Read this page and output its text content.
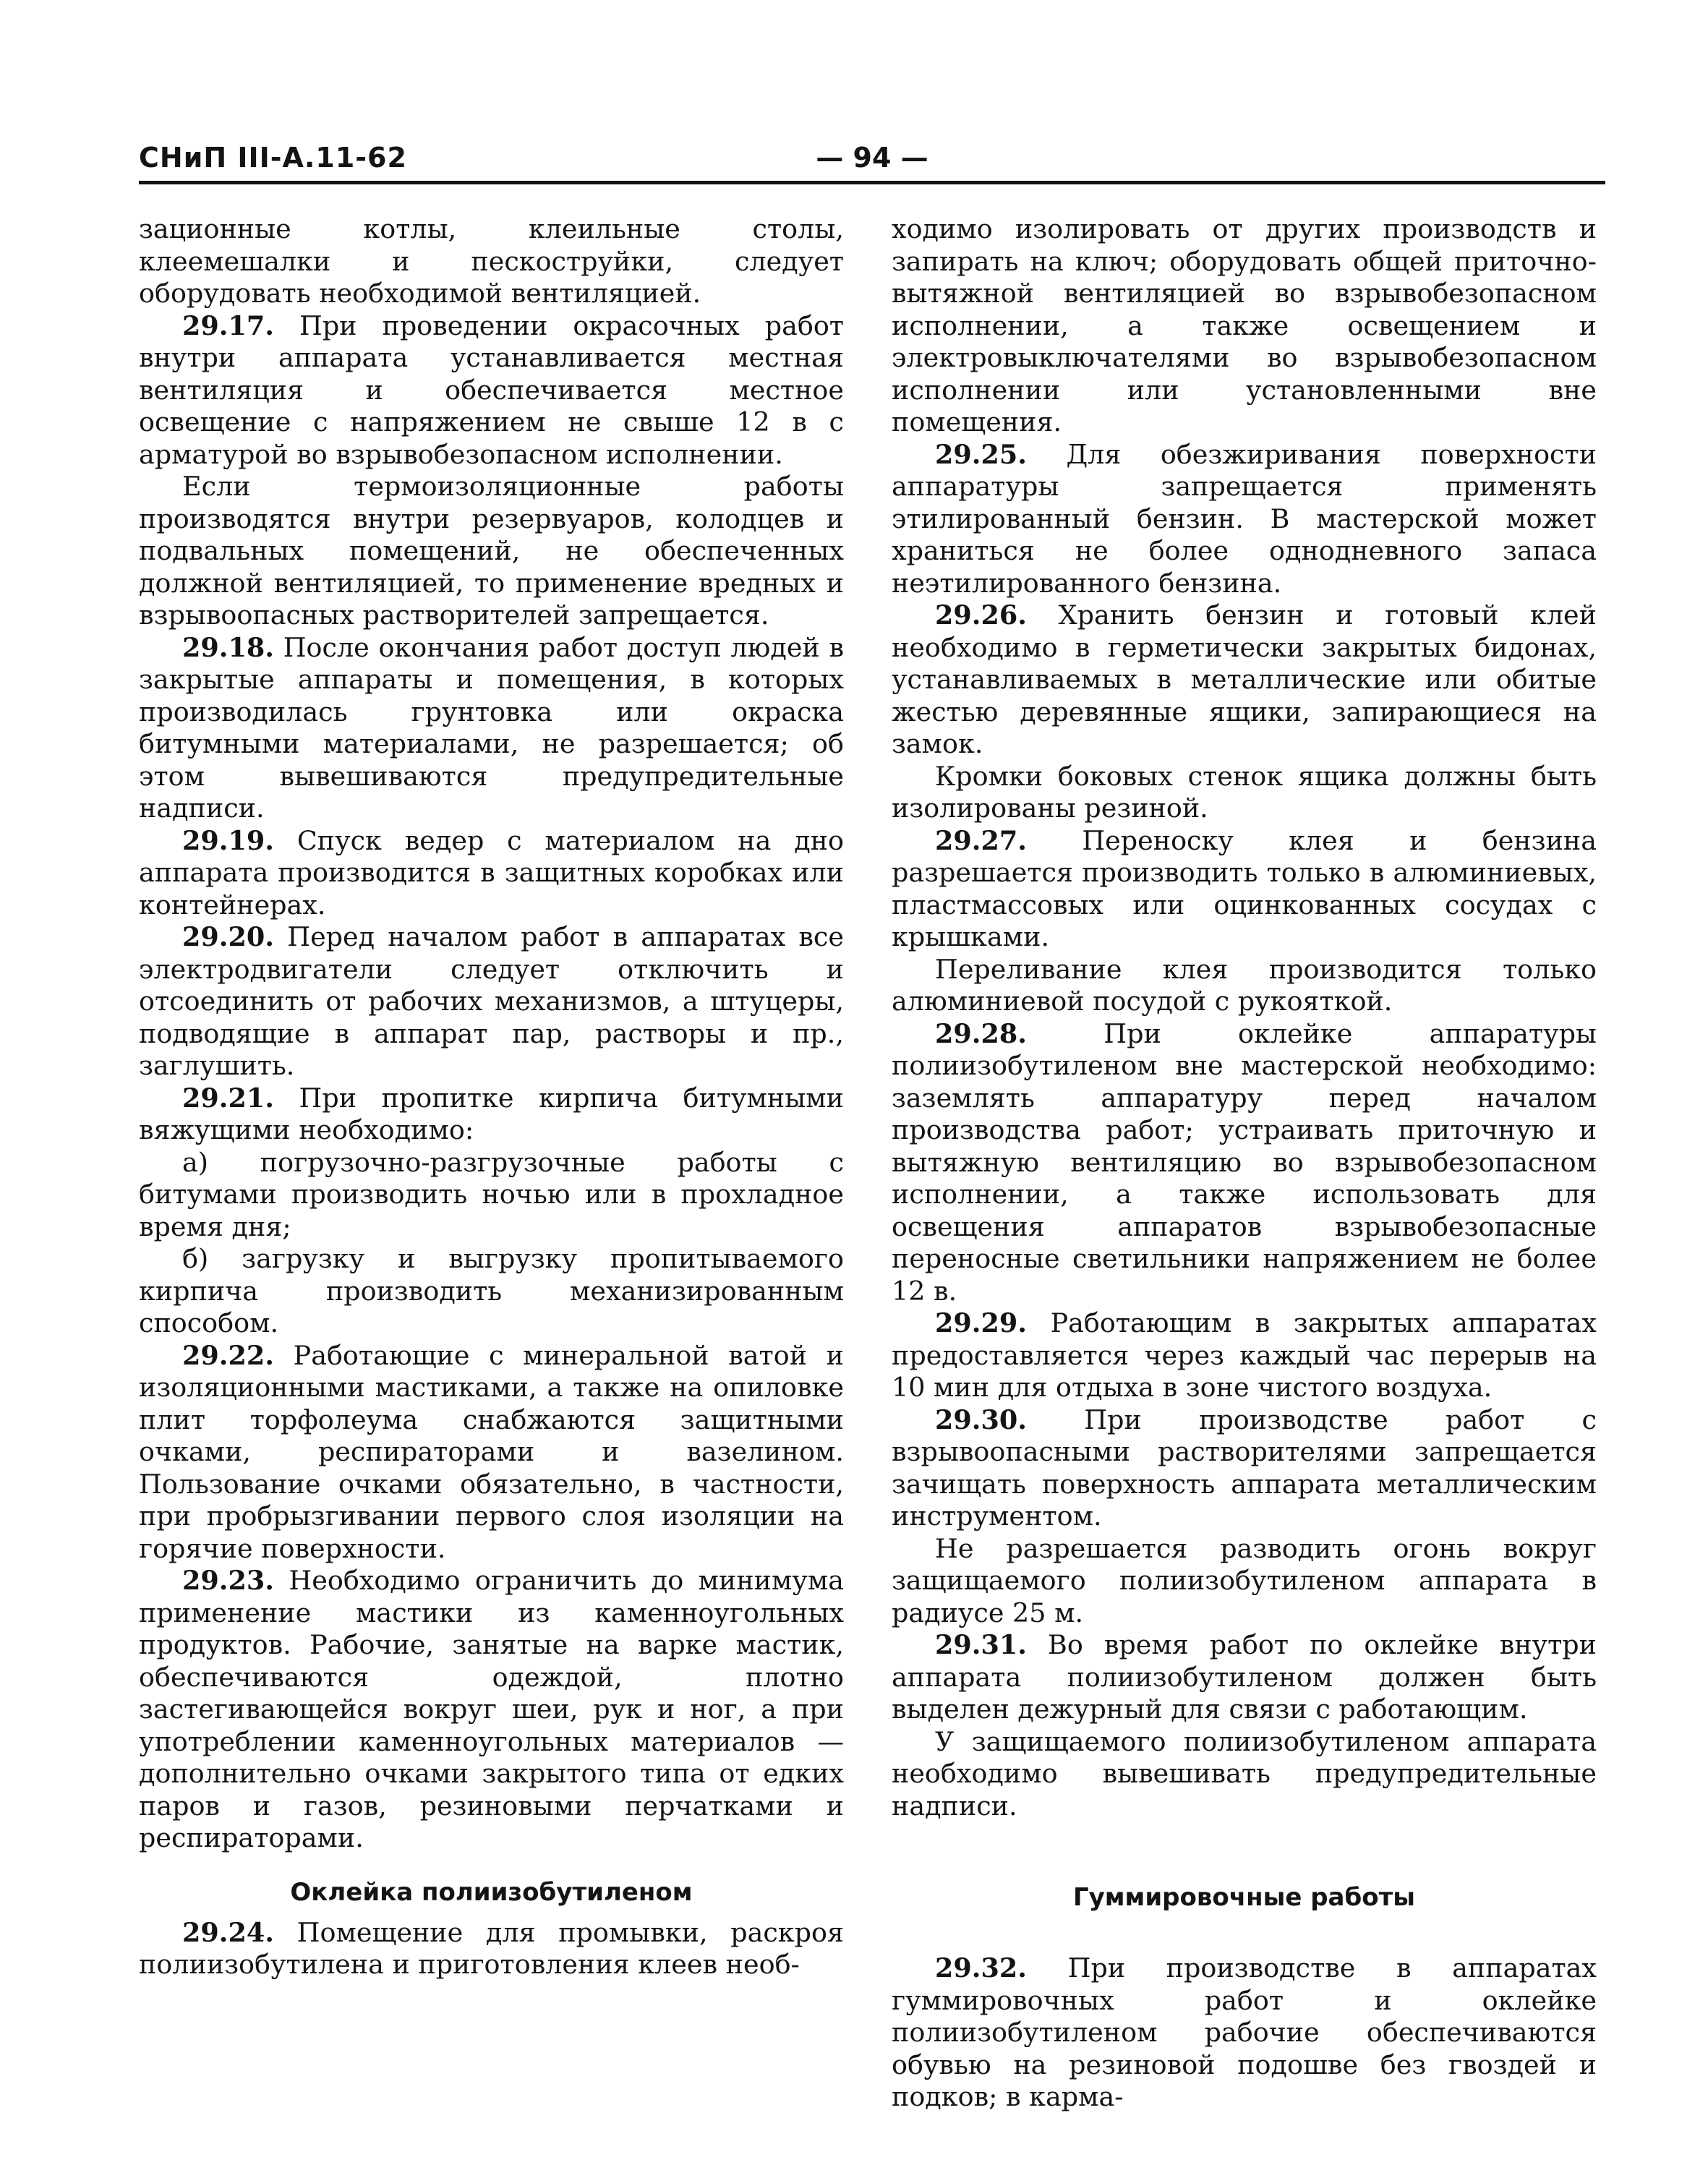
СНиП III-А.11-62	— 94 —

зационные котлы, клеильные столы, клеемешалки и пескоструйки, следует оборудовать необходимой вентиляцией.

29.17. При проведении окрасочных работ внутри аппарата устанавливается местная вентиляция и обеспечивается местное освещение с напряжением не свыше 12 в с арматурой во взрывобезопасном исполнении.

Если термоизоляционные работы производятся внутри резервуаров, колодцев и подвальных помещений, не обеспеченных должной вентиляцией, то применение вредных и взрывоопасных растворителей запрещается.

29.18. После окончания работ доступ людей в закрытые аппараты и помещения, в которых производилась грунтовка или окраска битумными материалами, не разрешается; об этом вывешиваются предупредительные надписи.

29.19. Спуск ведер с материалом на дно аппарата производится в защитных коробках или контейнерах.

29.20. Перед началом работ в аппаратах все электродвигатели следует отключить и отсоединить от рабочих механизмов, а штуцеры, подводящие в аппарат пар, растворы и пр., заглушить.

29.21. При пропитке кирпича битумными вяжущими необходимо:

а) погрузочно-разгрузочные работы с битумами производить ночью или в прохладное время дня;

б) загрузку и выгрузку пропитываемого кирпича производить механизированным способом.

29.22. Работающие с минеральной ватой и изоляционными мастиками, а также на опиловке плит торфолеума снабжаются защитными очками, респираторами и вазелином. Пользование очками обязательно, в частности, при пробрызгивании первого слоя изоляции на горячие поверхности.

29.23. Необходимо ограничить до минимума применение мастики из каменноугольных продуктов. Рабочие, занятые на варке мастик, обеспечиваются одеждой, плотно застегивающейся вокруг шеи, рук и ног, а при употреблении каменноугольных материалов — дополнительно очками закрытого типа от едких паров и газов, резиновыми перчатками и респираторами.

Оклейка полиизобутиленом

29.24. Помещение для промывки, раскроя полиизобутилена и приготовления клеев необ-

ходимо изолировать от других производств и запирать на ключ; оборудовать общей приточно-вытяжной вентиляцией во взрывобезопасном исполнении, а также освещением и электровыключателями во взрывобезопасном исполнении или установленными вне помещения.

29.25. Для обезжиривания поверхности аппаратуры запрещается применять этилированный бензин. В мастерской может храниться не более однодневного запаса неэтилированного бензина.

29.26. Хранить бензин и готовый клей необходимо в герметически закрытых бидонах, устанавливаемых в металлические или обитые жестью деревянные ящики, запирающиеся на замок.

Кромки боковых стенок ящика должны быть изолированы резиной.

29.27. Переноску клея и бензина разрешается производить только в алюминиевых, пластмассовых или оцинкованных сосудах с крышками.

Переливание клея производится только алюминиевой посудой с рукояткой.

29.28. При оклейке аппаратуры полиизобутиленом вне мастерской необходимо: заземлять аппаратуру перед началом производства работ; устраивать приточную и вытяжную вентиляцию во взрывобезопасном исполнении, а также использовать для освещения аппаратов взрывобезопасные переносные светильники напряжением не более 12 в.

29.29. Работающим в закрытых аппаратах предоставляется через каждый час перерыв на 10 мин для отдыха в зоне чистого воздуха.

29.30. При производстве работ с взрывоопасными растворителями запрещается зачищать поверхность аппарата металлическим инструментом.

Не разрешается разводить огонь вокруг защищаемого полиизобутиленом аппарата в радиусе 25 м.

29.31. Во время работ по оклейке внутри аппарата полиизобутиленом должен быть выделен дежурный для связи с работающим.

У защищаемого полиизобутиленом аппарата необходимо вывешивать предупредительные надписи.

Гуммировочные работы

29.32. При производстве в аппаратах гуммировочных работ и оклейке полиизобутиленом рабочие обеспечиваются обувью на резиновой подошве без гвоздей и подков; в карма-
